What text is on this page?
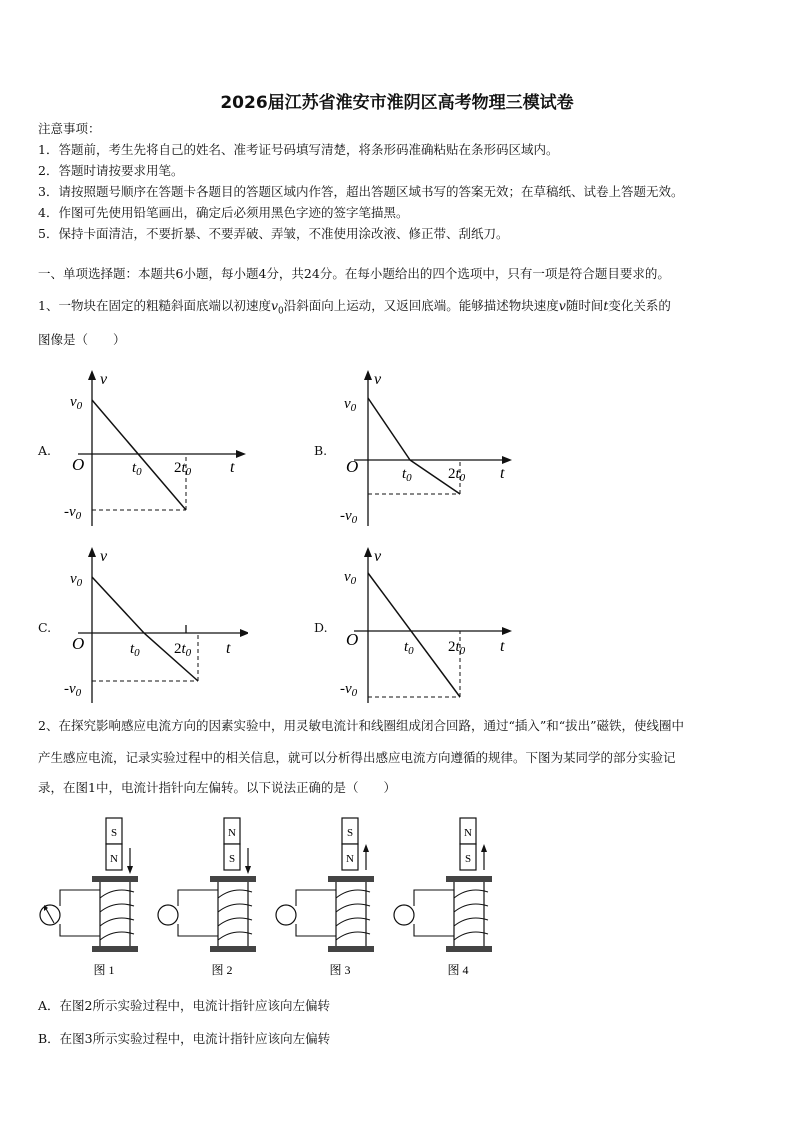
2026届江苏省淮安市淮阴区高考物理三模试卷
注意事项：
1．答题前，考生先将自己的姓名、准考证号码填写清楚，将条形码准确粘贴在条形码区域内。
2．答题时请按要求用笔。
3．请按照题号顺序在答题卡各题目的答题区域内作答，超出答题区域书写的答案无效；在草稿纸、试卷上答题无效。
4．作图可先使用铅笔画出，确定后必须用黑色字迹的签字笔描黑。
5．保持卡面清洁，不要折暴、不要弄破、弄皱，不准使用涂改液、修正带、刮纸刀。
一、单项选择题：本题共6小题，每小题4分，共24分。在每小题给出的四个选项中，只有一项是符合题目要求的。
1、一物块在固定的粗糙斜面底端以初速度$v_0$沿斜面向上运动，又返回底端。能够描述物块速度v随时间t变化关系的
图像是（　　）
A.
v
$v_0$
O	$t_0$ $2t_0$ t
$-v_0$
B.
v
$v_0$
O	$t_0$ $2t_0$ t
$-v_0$
C.
v
$v_0$
O	$t_0$ $2t_0$ t
$-v_0$
D.
v
$v_0$
O	$t_0$ $2t_0$ t
$-v_0$
2、在探究影响感应电流方向的因素实验中，用灵敏电流计和线圈组成闭合回路，通过“插入”和“拔出”磁铁，使线圈中
产生感应电流，记录实验过程中的相关信息，就可以分析得出感应电流方向遵循的规律。下图为某同学的部分实验记
录，在图1中，电流计指针向左偏转。以下说法正确的是（　　）
S
N
图 1
N
S
图 2
S
N
图 3
N
S
图 4
A．在图2所示实验过程中，电流计指针应该向左偏转
B．在图3所示实验过程中，电流计指针应该向左偏转
